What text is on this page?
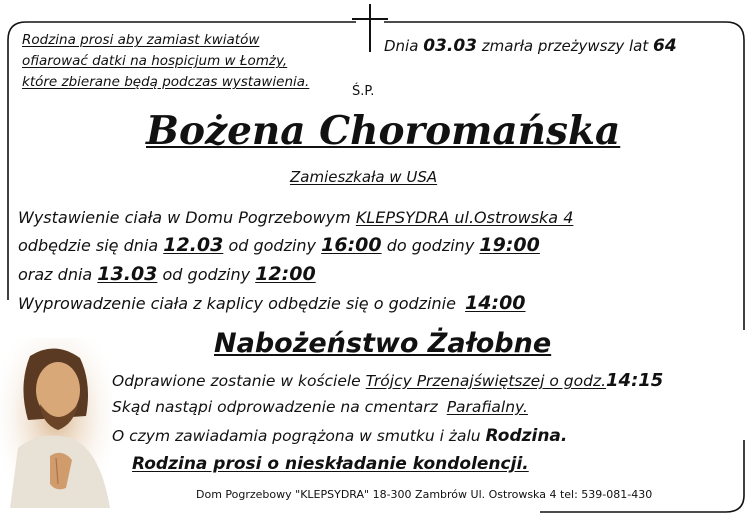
Rodzina prosi aby zamiast kwiatów
ofiarować datki na hospicjum w Łomży,
które zbierane będą podczas wystawienia.
Dnia 03.03 zmarła przeżywszy lat 64
Ś.P.
Bożena Choromańska
Zamieszkała w USA
Wystawienie ciała w Domu Pogrzebowym KLEPSYDRA ul.Ostrowska 4
odbędzie się dnia 12.03 od godziny 16:00 do godziny 19:00
oraz dnia 13.03 od godziny 12:00
Wyprowadzenie ciała z kaplicy odbędzie się o godzinie 14:00
Nabożeństwo Żałobne
Odprawione zostanie w kościele Trójcy Przenajświętszej o godz.14:15
Skąd nastąpi odprowadzenie na cmentarz Parafialny.
O czym zawiadamia pogrążona w smutku i żalu Rodzina.
Rodzina prosi o nieskładanie kondolencji.
Dom Pogrzebowy "KLEPSYDRA" 18-300 Zambrów Ul. Ostrowska 4 tel: 539-081-430
